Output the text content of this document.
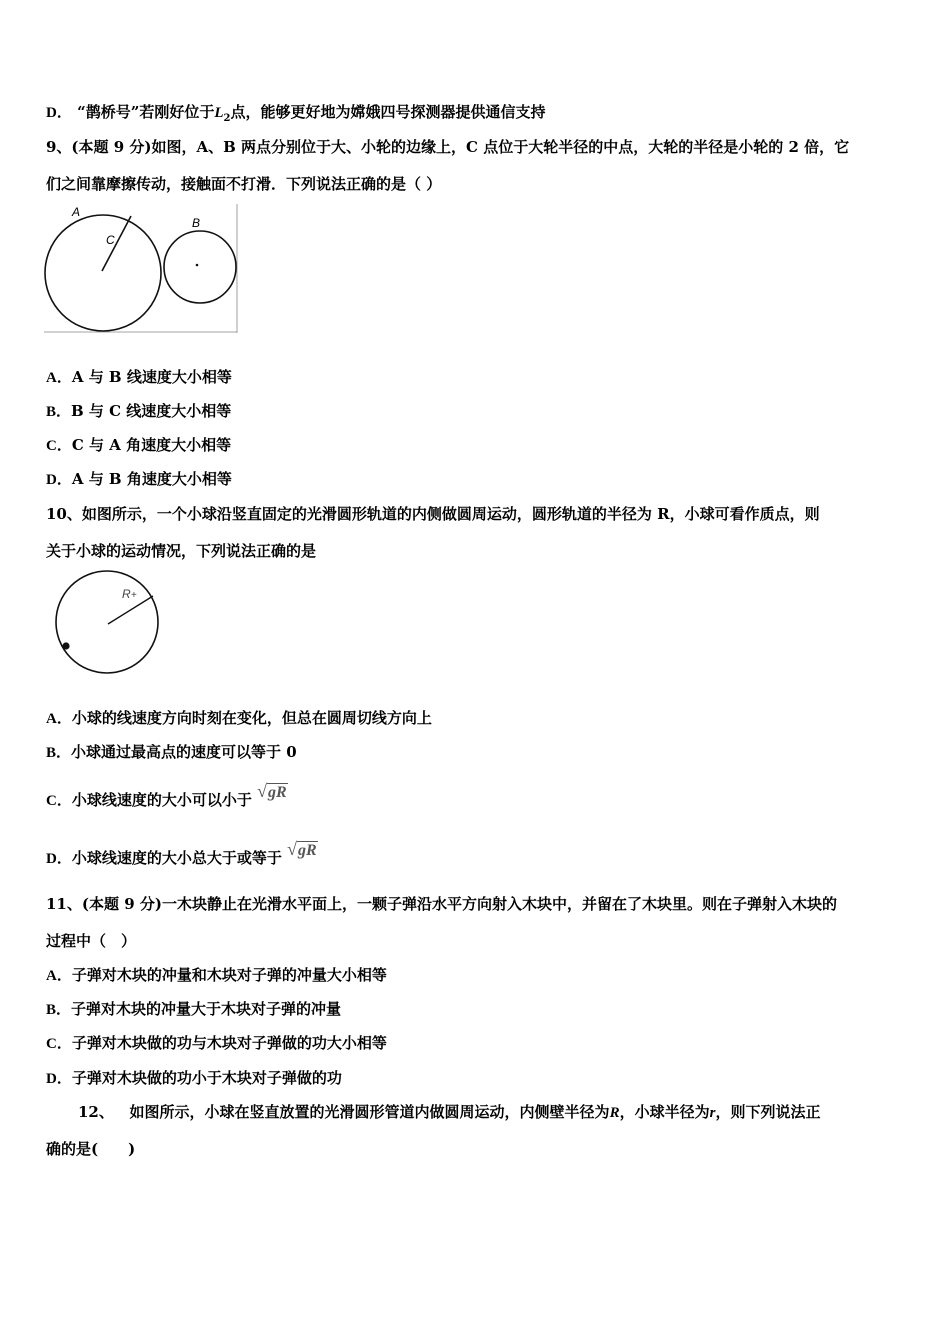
D． “鹊桥号”若刚好位于$L_2$点，能够更好地为嫦娥四号探测器提供通信支持
9、(本题 9 分)如图，A、B 两点分别位于大、小轮的边缘上，C 点位于大轮半径的中点，大轮的半径是小轮的 2 倍，它
们之间靠摩擦传动，接触面不打滑．下列说法正确的是（ ）
A
B
C
A．A 与 B 线速度大小相等
B．B 与 C 线速度大小相等
C．C 与 A 角速度大小相等
D．A 与 B 角速度大小相等
10、如图所示，一个小球沿竖直固定的光滑圆形轨道的内侧做圆周运动，圆形轨道的半径为 R，小球可看作质点，则
关于小球的运动情况，下列说法正确的是
R +
A．小球的线速度方向时刻在变化，但总在圆周切线方向上
B．小球通过最高点的速度可以等于 0
C．小球线速度的大小可以小于 √gR
D．小球线速度的大小总大于或等于 √gR
11、(本题 9 分)一木块静止在光滑水平面上，一颗子弹沿水平方向射入木块中，并留在了木块里。则在子弹射入木块的
过程中（　）
A．子弹对木块的冲量和木块对子弹的冲量大小相等
B．子弹对木块的冲量大于木块对子弹的冲量
C．子弹对木块做的功与木块对子弹做的功大小相等
D．子弹对木块做的功小于木块对子弹做的功
12、 如图所示，小球在竖直放置的光滑圆形管道内做圆周运动，内侧壁半径为R，小球半径为r，则下列说法正
确的是(　　)
